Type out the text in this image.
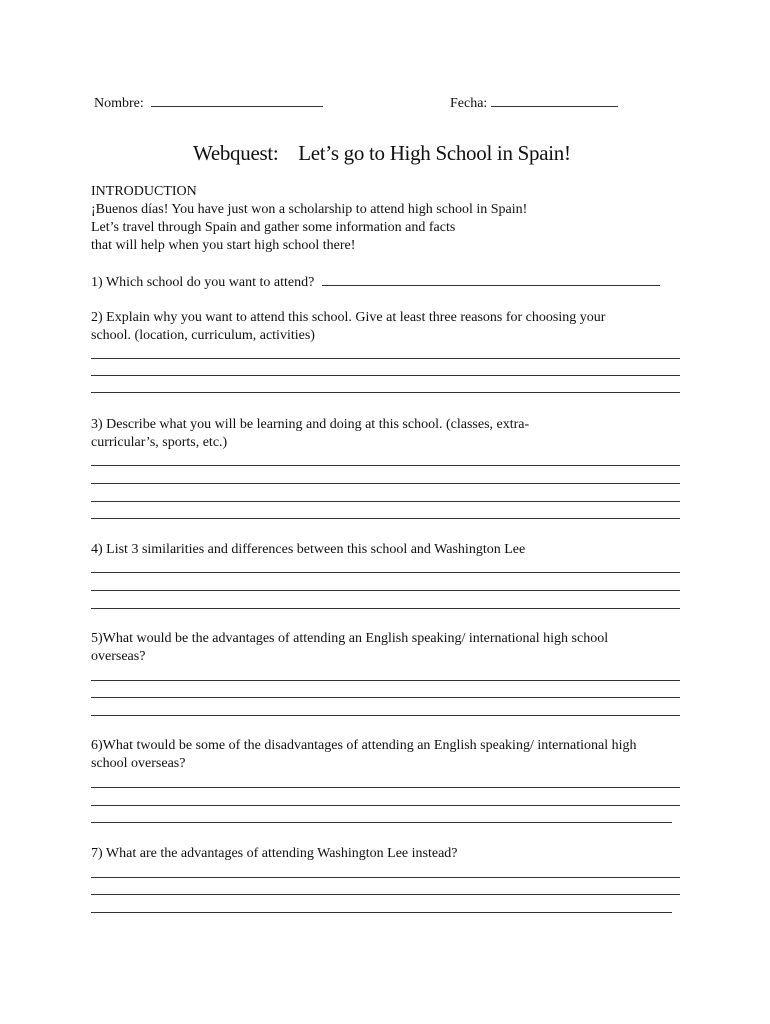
Nombre:	Fecha:
Webquest:    Let’s go to High School in Spain!
INTRODUCTION
¡Buenos días! You have just won a scholarship to attend high school in Spain!
Let’s travel through Spain and gather some information and facts
that will help when you start high school there!
1) Which school do you want to attend?
2) Explain why you want to attend this school. Give at least three reasons for choosing your
school. (location, curriculum, activities)
3) Describe what you will be learning and doing at this school. (classes, extra-
curricular’s, sports, etc.)
4) List 3 similarities and differences between this school and Washington Lee
5)What would be the advantages of attending an English speaking/ international high school
overseas?
6)What twould be some of the disadvantages of attending an English speaking/ international high
school overseas?
7) What are the advantages of attending Washington Lee instead?
